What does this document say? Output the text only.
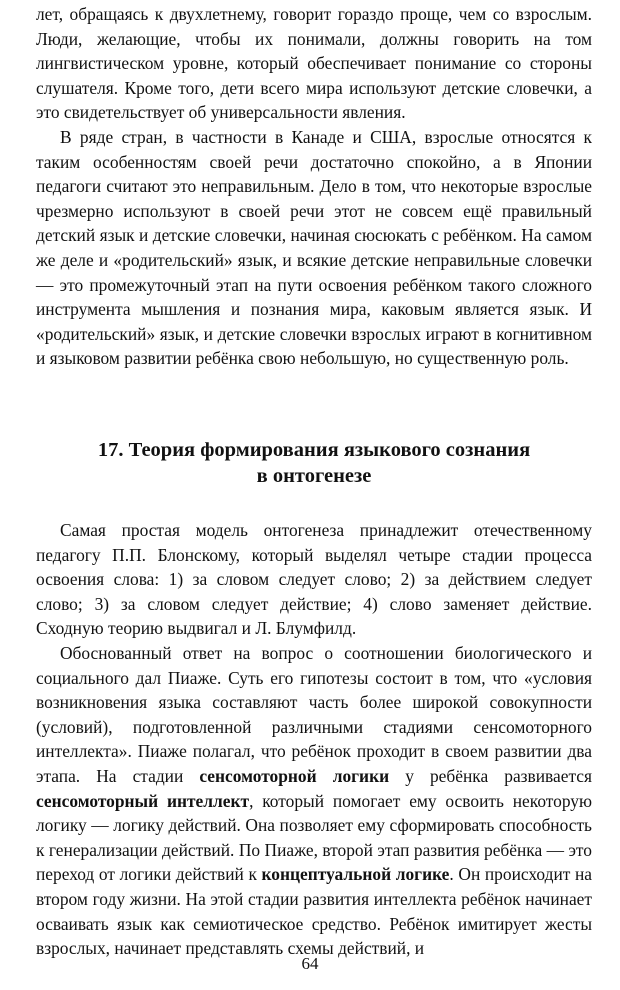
лет, обращаясь к двухлетнему, говорит гораздо проще, чем со взрослым. Люди, желающие, чтобы их понимали, должны говорить на том лингвистическом уровне, который обеспечивает понимание со стороны слушателя. Кроме того, дети всего мира используют детские словечки, а это свидетельствует об универсальности явления.

В ряде стран, в частности в Канаде и США, взрослые относятся к таким особенностям своей речи достаточно спокойно, а в Японии педагоги считают это неправильным. Дело в том, что некоторые взрослые чрезмерно используют в своей речи этот не совсем ещё правильный детский язык и детские словечки, начиная сюсюкать с ребёнком. На самом же деле и «родительский» язык, и всякие детские неправильные словечки — это промежуточный этап на пути освоения ребёнком такого сложного инструмента мышления и познания мира, каковым является язык. И «родительский» язык, и детские словечки взрослых играют в когнитивном и языковом развитии ребёнка свою небольшую, но существенную роль.

17. Теория формирования языкового сознания
в онтогенезе

Самая простая модель онтогенеза принадлежит отечественному педагогу П.П. Блонскому, который выделял четыре стадии процесса освоения слова: 1) за словом следует слово; 2) за действием следует слово; 3) за словом следует действие; 4) слово заменяет действие. Сходную теорию выдвигал и Л. Блумфилд.

Обоснованный ответ на вопрос о соотношении биологического и социального дал Пиаже. Суть его гипотезы состоит в том, что «условия возникновения языка составляют часть более широкой совокупности (условий), подготовленной различными стадиями сенсомоторного интеллекта». Пиаже полагал, что ребёнок проходит в своем развитии два этапа. На стадии сенсомоторной логики у ребёнка развивается сенсомоторный интеллект, который помогает ему освоить некоторую логику — логику действий. Она позволяет ему сформировать способность к генерализации действий. По Пиаже, второй этап развития ребёнка — это переход от логики действий к концептуальной логике. Он происходит на втором году жизни. На этой стадии развития интеллекта ребёнок начинает осваивать язык как семиотическое средство. Ребёнок имитирует жесты взрослых, начинает представлять схемы действий, и

64
